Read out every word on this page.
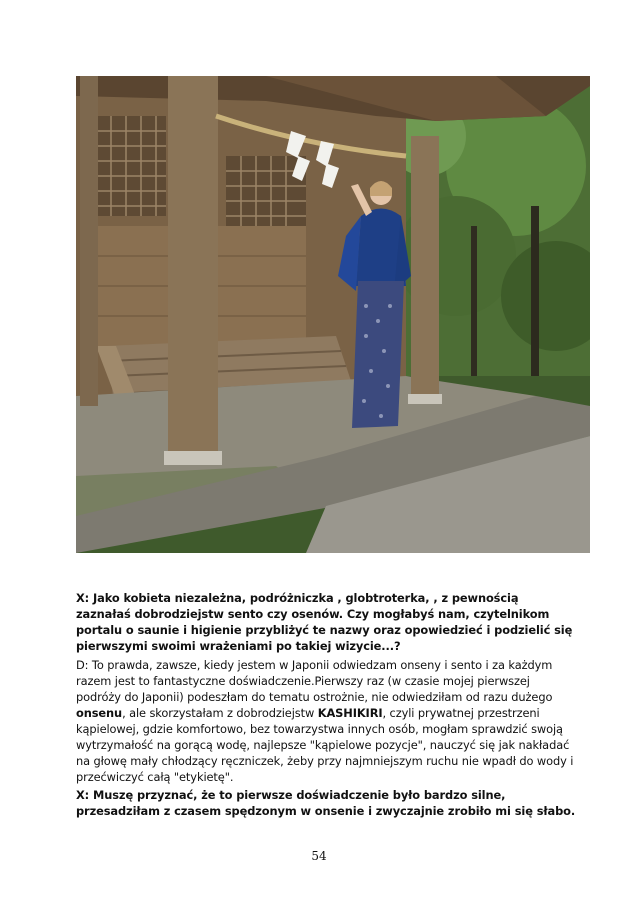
X: Jako kobieta niezależna, podróżniczka , globtroterka, , z pewnością zaznałaś dobrodziejstw sento czy osenów. Czy mogłabyś nam, czytelnikom portalu o saunie i higienie przybliżyć te nazwy oraz opowiedzieć i podzielić się pierwszymi swoimi wrażeniami po takiej wizycie...?
D: To prawda, zawsze, kiedy jestem w Japonii odwiedzam onseny i sento i za każdym razem jest to fantastyczne doświadczenie.Pierwszy raz (w czasie mojej pierwszej podróży do Japonii) podeszłam do tematu ostrożnie, nie odwiedziłam od razu dużego onsenu, ale skorzystałam z dobrodziejstw KASHIKIRI, czyli prywatnej przestrzeni kąpielowej, gdzie komfortowo, bez towarzystwa innych osób, mogłam sprawdzić swoją wytrzymałość na gorącą wodę, najlepsze "kąpielowe pozycje", nauczyć się jak nakładać na głowę mały chłodzący ręczniczek, żeby przy najmniejszym ruchu nie wpadł do wody i przećwiczyć całą "etykietę".
X: Muszę przyznać, że to pierwsze doświadczenie było bardzo silne, przesadziłam z czasem spędzonym w onsenie i zwyczajnie zrobiło mi się słabo.
54
